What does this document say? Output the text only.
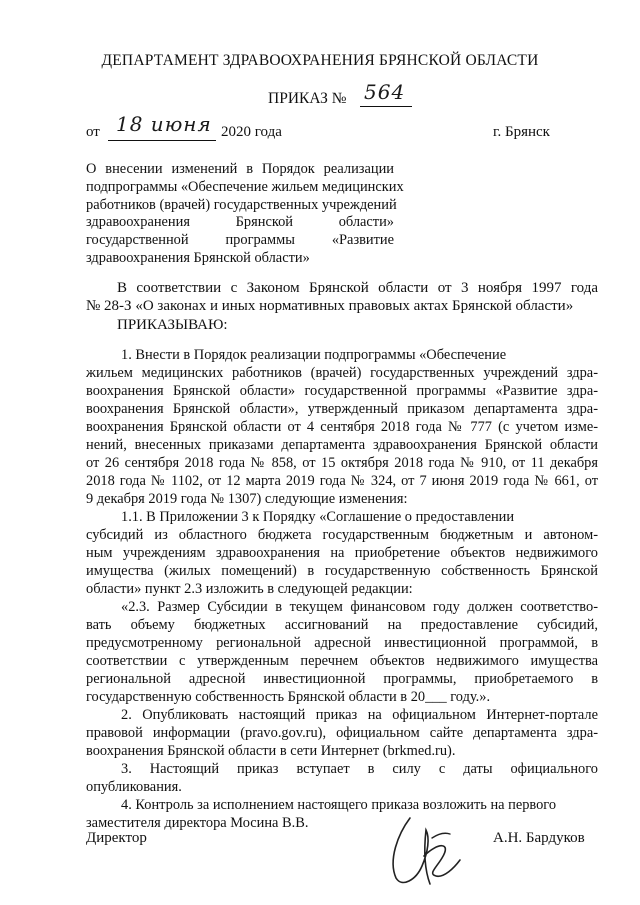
ДЕПАРТАМЕНТ ЗДРАВООХРАНЕНИЯ БРЯНСКОЙ ОБЛАСТИ
ПРИКАЗ № 564
от 18 июня 2020 года	г. Брянск
О внесении изменений в Порядок реализации
подпрограммы «Обеспечение жильем медицинских
работников (врачей) государственных учреждений
здравоохранения Брянской области»
государственной программы «Развитие
здравоохранения Брянской области»
В соответствии с Законом Брянской области от 3 ноября 1997 года
№ 28-З «О законах и иных нормативных правовых актах Брянской области»
ПРИКАЗЫВАЮ:
1. Внести в Порядок реализации подпрограммы «Обеспечение
жильем медицинских работников (врачей) государственных учреждений здра-
воохранения Брянской области» государственной программы «Развитие здра-
воохранения Брянской области», утвержденный приказом департамента здра-
воохранения Брянской области от 4 сентября 2018 года № 777 (с учетом изме-
нений, внесенных приказами департамента здравоохранения Брянской области
от 26 сентября 2018 года № 858, от 15 октября 2018 года № 910, от 11 декабря
2018 года № 1102, от 12 марта 2019 года № 324, от 7 июня 2019 года № 661, от
9 декабря 2019 года № 1307) следующие изменения:
1.1. В Приложении 3 к Порядку «Соглашение о предоставлении
субсидий из областного бюджета государственным бюджетным и автоном-
ным учреждениям здравоохранения на приобретение объектов недвижимого
имущества (жилых помещений) в государственную собственность Брянской
области» пункт 2.3 изложить в следующей редакции:
«2.3. Размер Субсидии в текущем финансовом году должен соответство-
вать объему бюджетных ассигнований на предоставление субсидий,
предусмотренному региональной адресной инвестиционной программой, в
соответствии с утвержденным перечнем объектов недвижимого имущества
региональной адресной инвестиционной программы, приобретаемого в
государственную собственность Брянской области в 20___ году.».
2. Опубликовать настоящий приказ на официальном Интернет-портале
правовой информации (pravo.gov.ru), официальном сайте департамента здра-
воохранения Брянской области в сети Интернет (brkmed.ru).
3. Настоящий приказ вступает в силу с даты официального
опубликования.
4. Контроль за исполнением настоящего приказа возложить на первого
заместителя директора Мосина В.В.
Директор	А.Н. Бардуков
